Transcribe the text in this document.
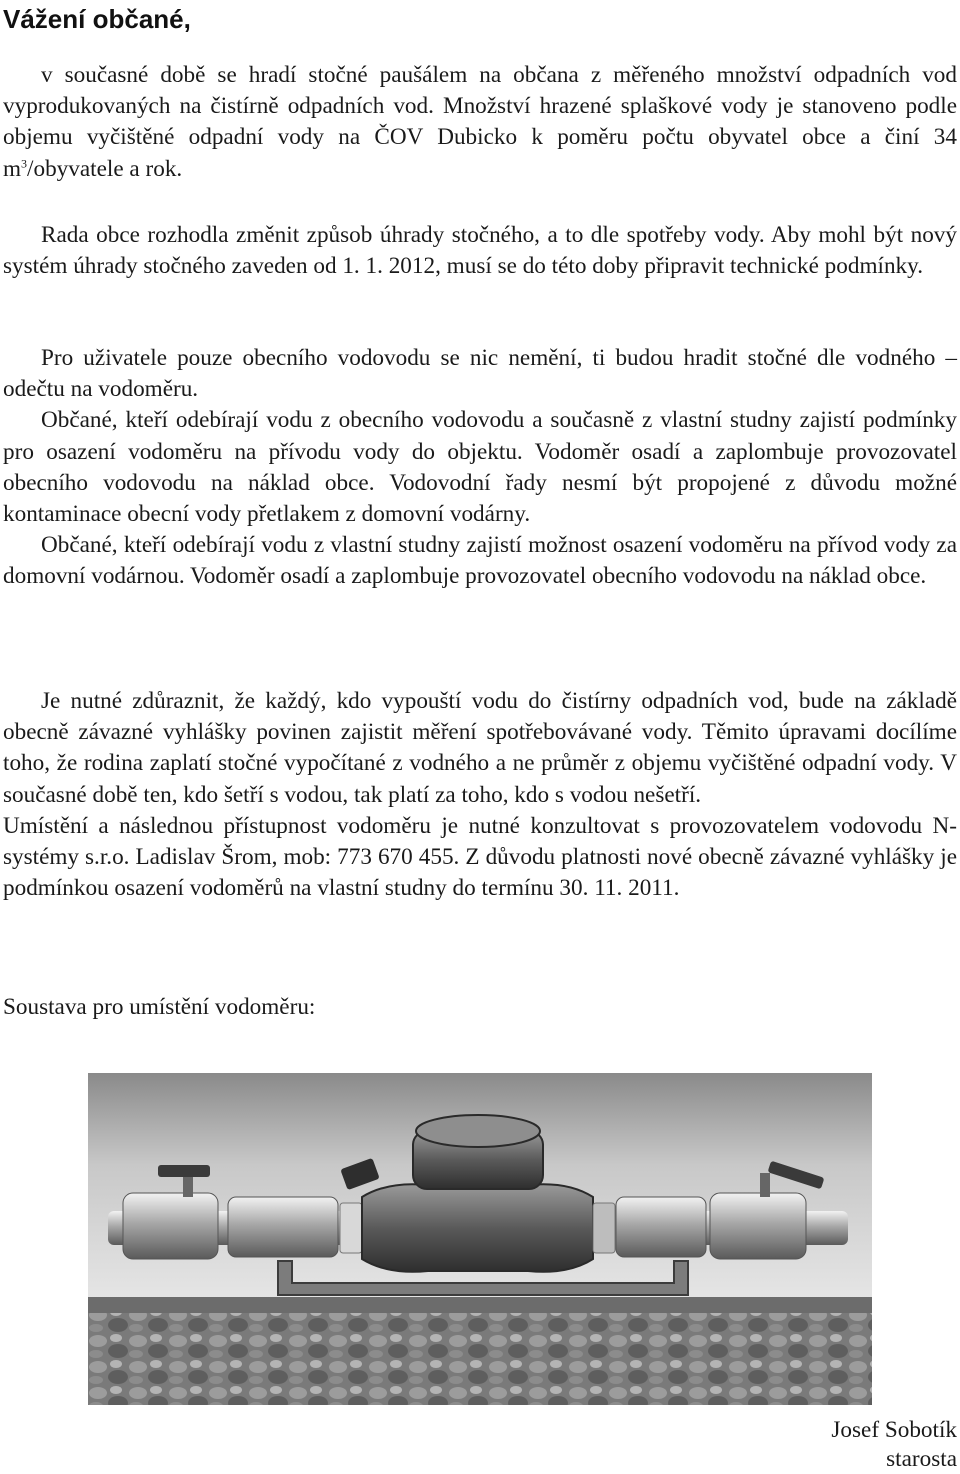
Vážení občané,
v současné době se hradí stočné paušálem na občana z měřeného množství odpadních vod vyprodukovaných na čistírně odpadních vod. Množství hrazené splaškové vody je stanoveno podle objemu vyčištěné odpadní vody na ČOV Dubicko k poměru počtu obyvatel obce a činí 34 $m^3$/obyvatele a rok.
Rada obce rozhodla změnit způsob úhrady stočného, a to dle spotřeby vody. Aby mohl být nový systém úhrady stočného zaveden od 1. 1. 2012, musí se do této doby připravit technické podmínky.
Pro uživatele pouze obecního vodovodu se nic nemění, ti budou hradit stočné dle vodného – odečtu na vodoměru.
Občané, kteří odebírají vodu z obecního vodovodu a současně z vlastní studny zajistí podmínky pro osazení vodoměru na přívodu vody do objektu. Vodoměr osadí a zaplombuje provozovatel obecního vodovodu na náklad obce. Vodovodní řady nesmí být propojené z důvodu možné kontaminace obecní vody přetlakem z domovní vodárny.
Občané, kteří odebírají vodu z vlastní studny zajistí možnost osazení vodoměru na přívod vody za domovní vodárnou. Vodoměr osadí a zaplombuje provozovatel obecního vodovodu na náklad obce.
Je nutné zdůraznit, že každý, kdo vypouští vodu do čistírny odpadních vod, bude na základě obecně závazné vyhlášky povinen zajistit měření spotřebovávané vody. Těmito úpravami docílíme toho, že rodina zaplatí stočné vypočítané z vodného a ne průměr z objemu vyčištěné odpadní vody. V současné době ten, kdo šetří s vodou, tak platí za toho, kdo s vodou nešetří.
Umístění a následnou přístupnost vodoměru je nutné konzultovat s provozovatelem vodovodu N-systémy s.r.o. Ladislav Šrom, mob: 773 670 455. Z důvodu platnosti nové obecně závazné vyhlášky je podmínkou osazení vodoměrů na vlastní studny do termínu 30. 11. 2011.

Soustava pro umístění vodoměru:

Josef Sobotík
starosta
